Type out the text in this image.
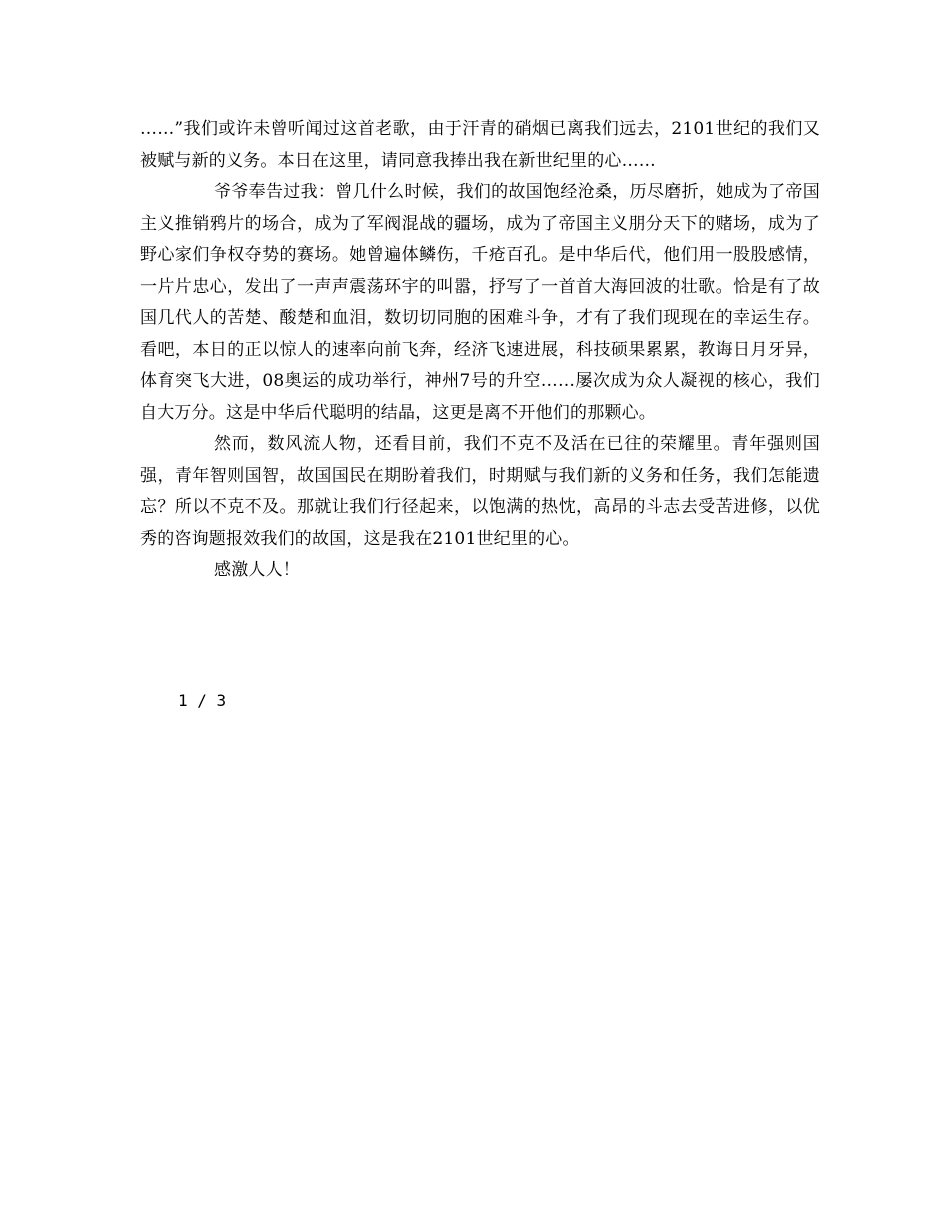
……”我们或许未曾听闻过这首老歌，由于汗青的硝烟已离我们远去，2101世纪的我们又被赋与新的义务。本日在这里，请同意我捧出我在新世纪里的心……

爷爷奉告过我：曾几什么时候，我们的故国饱经沧桑，历尽磨折，她成为了帝国主义推销鸦片的场合，成为了军阀混战的疆场，成为了帝国主义朋分天下的赌场，成为了野心家们争权夺势的赛场。她曾遍体鳞伤，千疮百孔。是中华后代，他们用一股股感情，一片片忠心，发出了一声声震荡环宇的叫嚣，抒写了一首首大海回波的壮歌。恰是有了故国几代人的苦楚、酸楚和血泪，数切切同胞的困难斗争，才有了我们现现在的幸运生存。看吧，本日的正以惊人的速率向前飞奔，经济飞速进展，科技硕果累累，教诲日月牙异，体育突飞大进，08奥运的成功举行，神州7号的升空……屡次成为众人凝视的核心，我们自大万分。这是中华后代聪明的结晶，这更是离不开他们的那颗心。

然而，数风流人物，还看目前，我们不克不及活在已往的荣耀里。青年强则国强，青年智则国智，故国国民在期盼着我们，时期赋与我们新的义务和任务，我们怎能遗忘？所以不克不及。那就让我们行径起来，以饱满的热忱，高昂的斗志去受苦进修，以优秀的咨询题报效我们的故国，这是我在2101世纪里的心。

感激人人！

1 / 3
